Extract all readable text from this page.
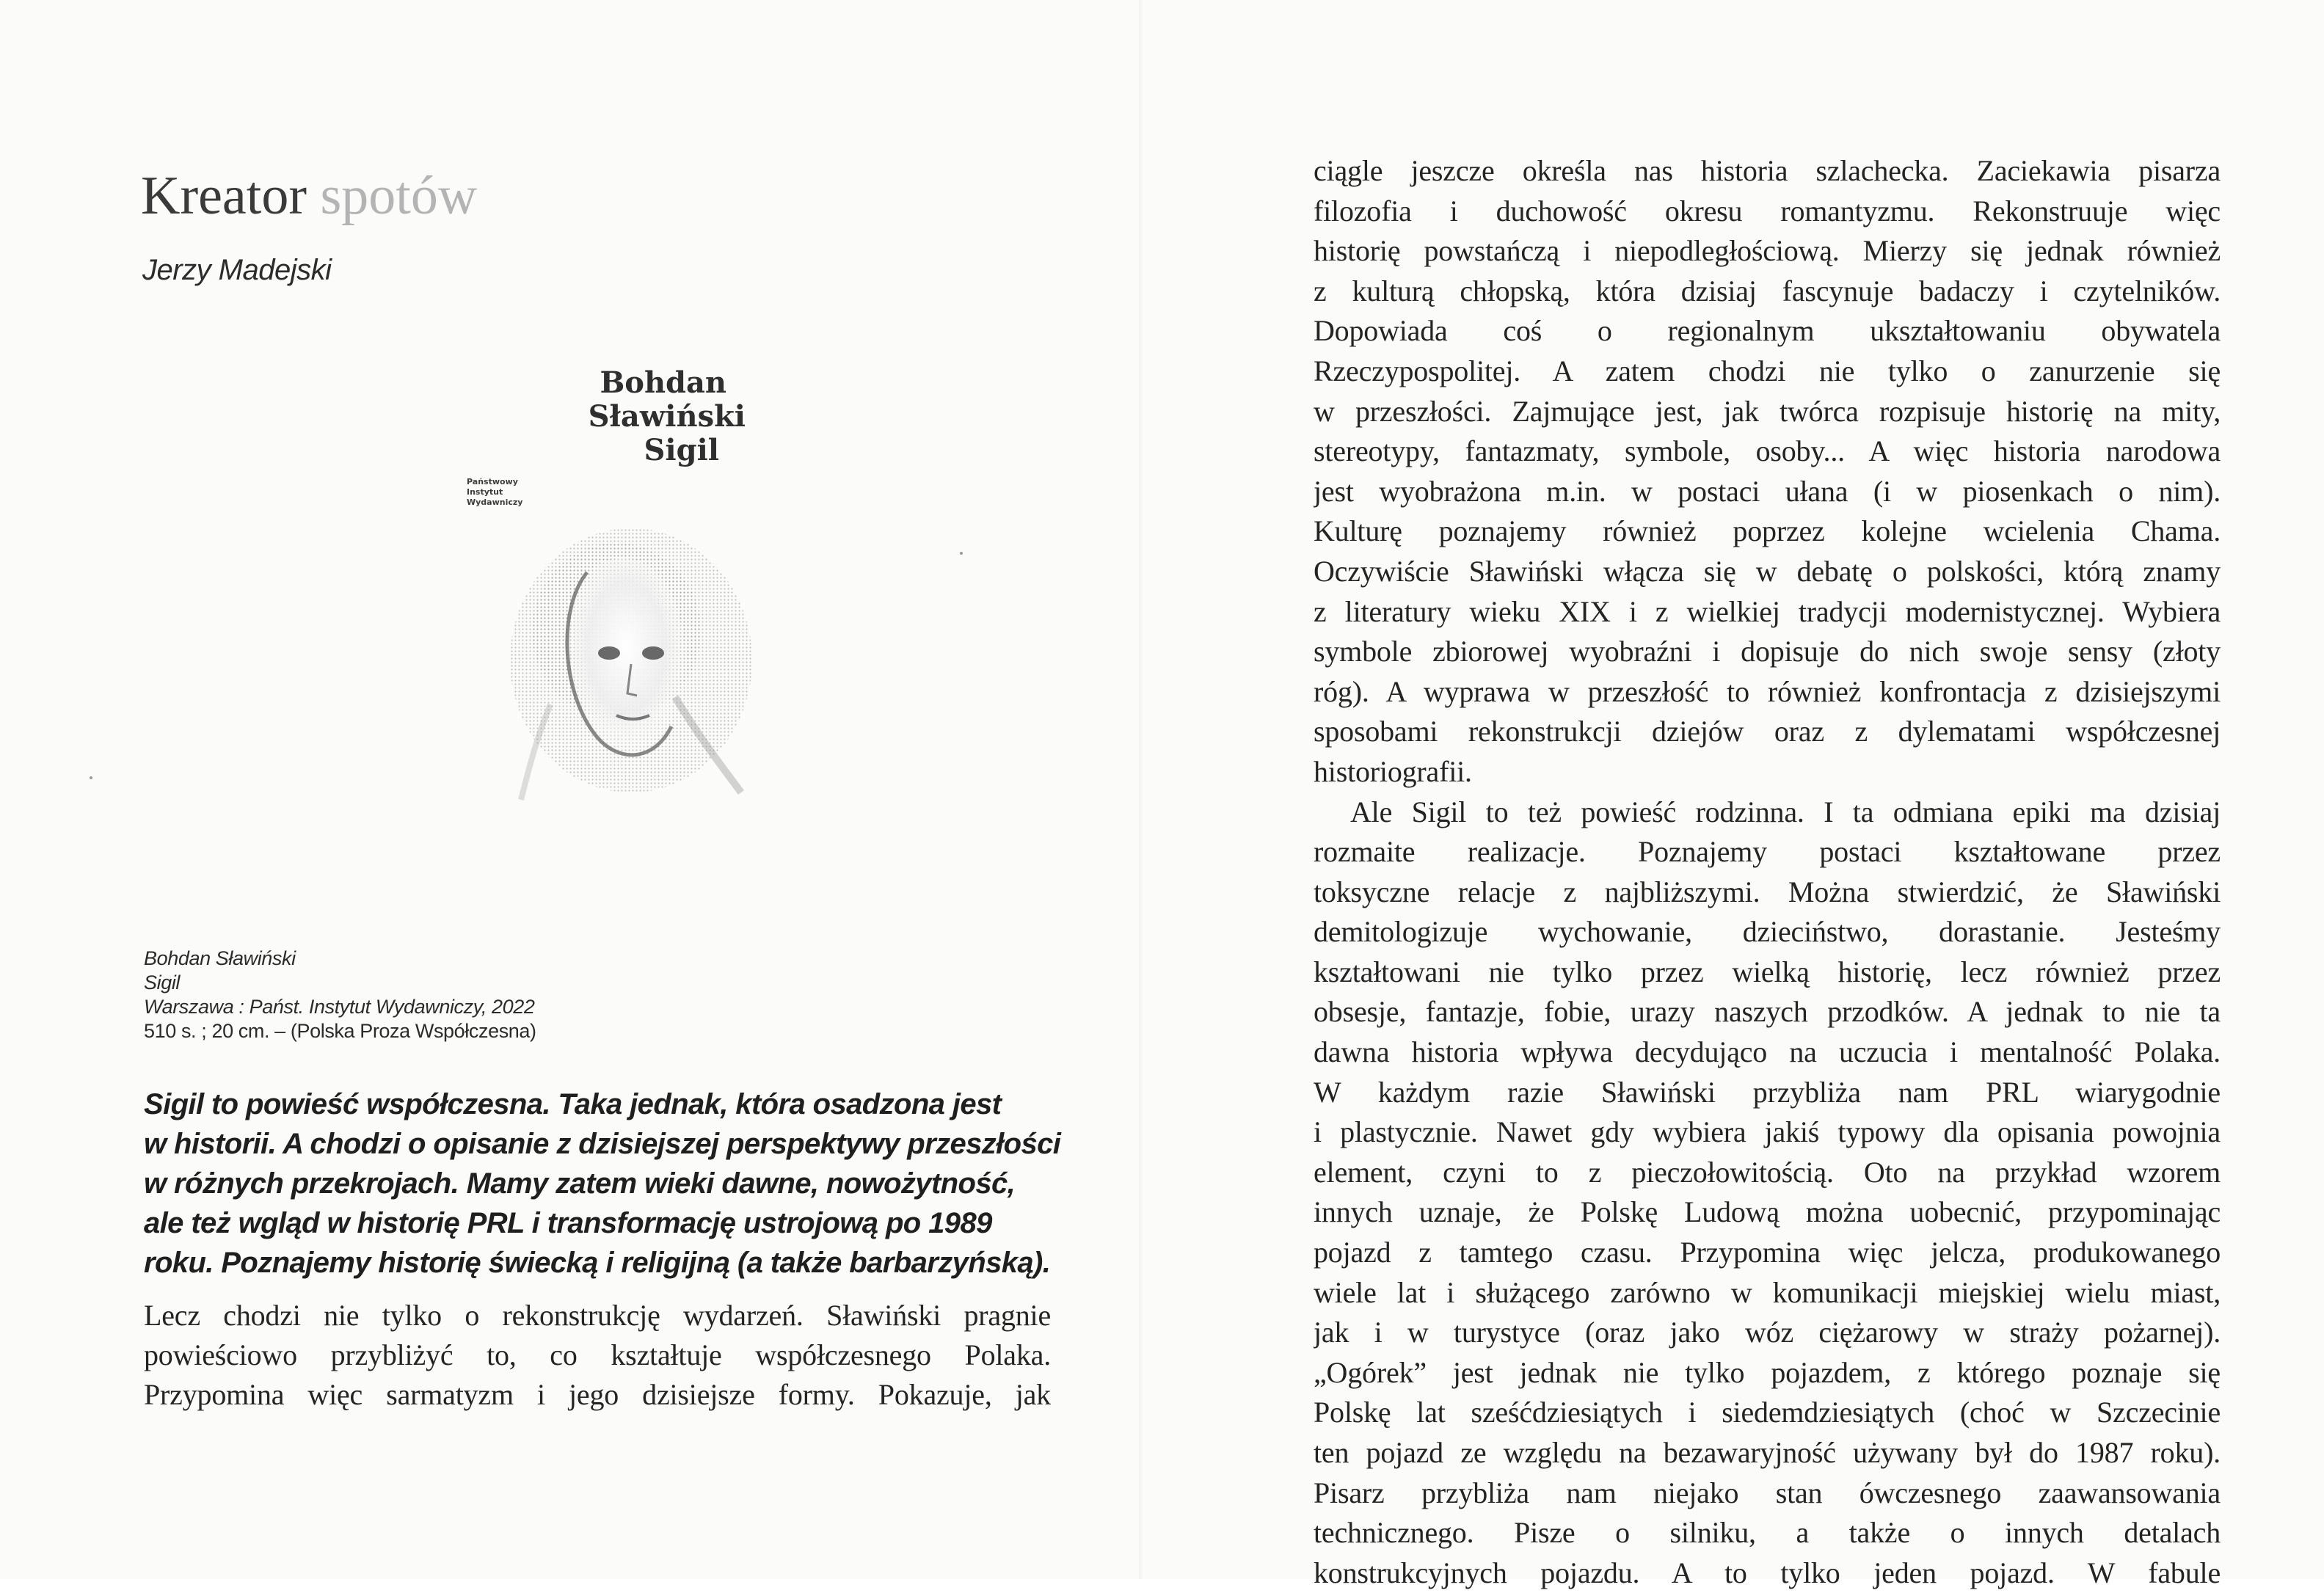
Kreator spotów
Jerzy Madejski
Bohdan
Sławiński
Sigil
Państwowy
Instytut
Wydawniczy
Bohdan Sławiński
Sigil
Warszawa : Państ. Instytut Wydawniczy, 2022
510 s. ; 20 cm. – (Polska Proza Współczesna)
Sigil to powieść współczesna. Taka jednak, która osadzona jest
w historii. A chodzi o opisanie z dzisiejszej perspektywy przeszłości
w różnych przekrojach. Mamy zatem wieki dawne, nowożytność,
ale też wgląd w historię PRL i transformację ustrojową po 1989
roku. Poznajemy historię świecką i religijną (a także barbarzyńską).
Lecz chodzi nie tylko o rekonstrukcję wydarzeń. Sławiński pragnie
powieściowo przybliżyć to, co kształtuje współczesnego Polaka.
Przypomina więc sarmatyzm i jego dzisiejsze formy. Pokazuje, jak
ciągle jeszcze określa nas historia szlachecka. Zaciekawia pisarza
filozofia i duchowość okresu romantyzmu. Rekonstruuje więc
historię powstańczą i niepodległościową. Mierzy się jednak również
z kulturą chłopską, która dzisiaj fascynuje badaczy i czytelników.
Dopowiada coś o regionalnym ukształtowaniu obywatela
Rzeczypospolitej. A zatem chodzi nie tylko o zanurzenie się
w przeszłości. Zajmujące jest, jak twórca rozpisuje historię na mity,
stereotypy, fantazmaty, symbole, osoby... A więc historia narodowa
jest wyobrażona m.in. w postaci ułana (i w piosenkach o nim).
Kulturę poznajemy również poprzez kolejne wcielenia Chama.
Oczywiście Sławiński włącza się w debatę o polskości, którą znamy
z literatury wieku XIX i z wielkiej tradycji modernistycznej. Wybiera
symbole zbiorowej wyobraźni i dopisuje do nich swoje sensy (złoty
róg). A wyprawa w przeszłość to również konfrontacja z dzisiejszymi
sposobami rekonstrukcji dziejów oraz z dylematami współczesnej
historiografii.
Ale Sigil to też powieść rodzinna. I ta odmiana epiki ma dzisiaj
rozmaite realizacje. Poznajemy postaci kształtowane przez
toksyczne relacje z najbliższymi. Można stwierdzić, że Sławiński
demitologizuje wychowanie, dzieciństwo, dorastanie. Jesteśmy
kształtowani nie tylko przez wielką historię, lecz również przez
obsesje, fantazje, fobie, urazy naszych przodków. A jednak to nie ta
dawna historia wpływa decydująco na uczucia i mentalność Polaka.
W każdym razie Sławiński przybliża nam PRL wiarygodnie
i plastycznie. Nawet gdy wybiera jakiś typowy dla opisania powojnia
element, czyni to z pieczołowitością. Oto na przykład wzorem
innych uznaje, że Polskę Ludową można uobecnić, przypominając
pojazd z tamtego czasu. Przypomina więc jelcza, produkowanego
wiele lat i służącego zarówno w komunikacji miejskiej wielu miast,
jak i w turystyce (oraz jako wóz ciężarowy w straży pożarnej).
„Ogórek” jest jednak nie tylko pojazdem, z którego poznaje się
Polskę lat sześćdziesiątych i siedemdziesiątych (choć w Szczecinie
ten pojazd ze względu na bezawaryjność używany był do 1987 roku).
Pisarz przybliża nam niejako stan ówczesnego zaawansowania
technicznego. Pisze o silniku, a także o innych detalach
konstrukcyjnych pojazdu. A to tylko jeden pojazd. W fabule
